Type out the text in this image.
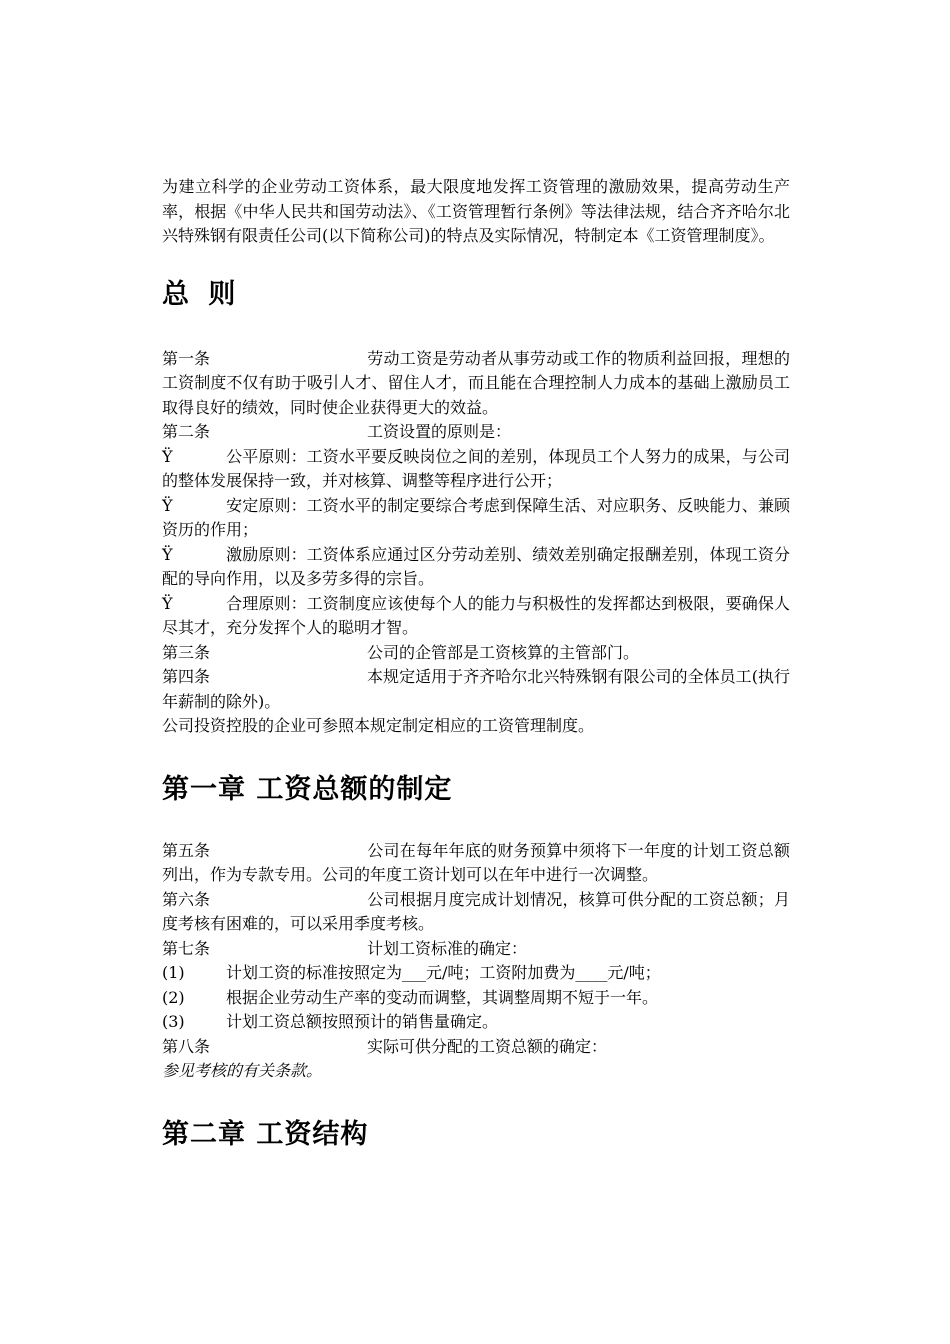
为建立科学的企业劳动工资体系，最大限度地发挥工资管理的激励效果，提高劳动生产率，根据《中华人民共和国劳动法》、《工资管理暂行条例》等法律法规，结合齐齐哈尔北兴特殊钢有限责任公司(以下简称公司)的特点及实际情况，特制定本《工资管理制度》。

总 则

第一条	劳动工资是劳动者从事劳动或工作的物质利益回报，理想的工资制度不仅有助于吸引人才、留住人才，而且能在合理控制人力成本的基础上激励员工取得良好的绩效，同时使企业获得更大的效益。

第二条	工资设置的原则是：

Ÿ	公平原则：工资水平要反映岗位之间的差别，体现员工个人努力的成果，与公司的整体发展保持一致，并对核算、调整等程序进行公开；

Ÿ	安定原则：工资水平的制定要综合考虑到保障生活、对应职务、反映能力、兼顾资历的作用；

Ÿ	激励原则：工资体系应通过区分劳动差别、绩效差别确定报酬差别，体现工资分配的导向作用，以及多劳多得的宗旨。

Ÿ	合理原则：工资制度应该使每个人的能力与积极性的发挥都达到极限，要确保人尽其才，充分发挥个人的聪明才智。

第三条	公司的企管部是工资核算的主管部门。

第四条	本规定适用于齐齐哈尔北兴特殊钢有限公司的全体员工(执行年薪制的除外)。

公司投资控股的企业可参照本规定制定相应的工资管理制度。

第一章 工资总额的制定

第五条	公司在每年年底的财务预算中须将下一年度的计划工资总额列出，作为专款专用。公司的年度工资计划可以在年中进行一次调整。

第六条	公司根据月度完成计划情况，核算可供分配的工资总额；月度考核有困难的，可以采用季度考核。

第七条	计划工资标准的确定：

(1)	计划工资的标准按照定为___元/吨；工资附加费为____元/吨；

(2)	根据企业劳动生产率的变动而调整，其调整周期不短于一年。

(3)	计划工资总额按照预计的销售量确定。

第八条	实际可供分配的工资总额的确定：

参见考核的有关条款。

第二章 工资结构
